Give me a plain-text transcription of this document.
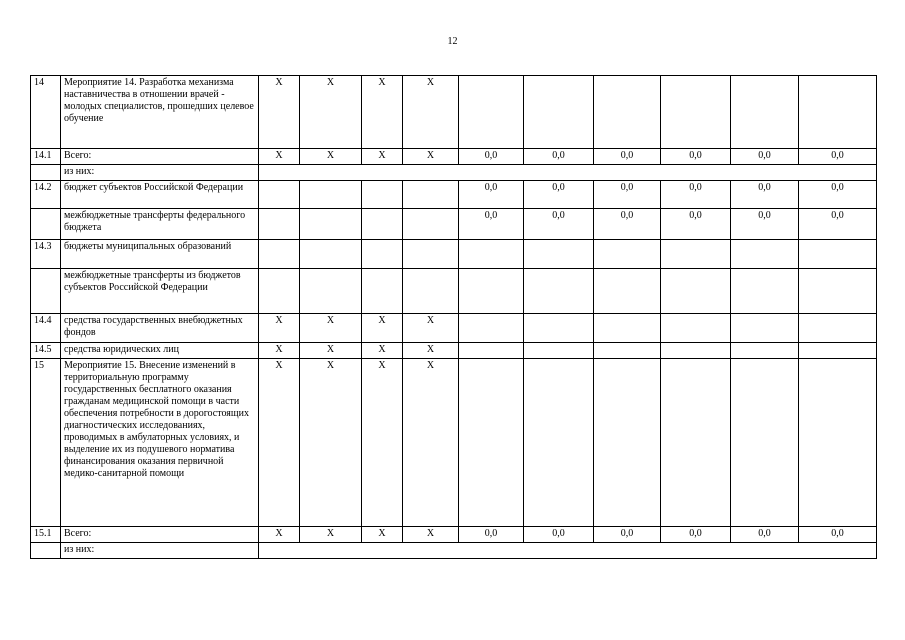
12
14	Мероприятие 14. Разработка механизма наставничества в отношении врачей - молодых специалистов, прошедших целевое обучение	X	X	X	X						
14.1	Всего:	X	X	X	X	0,0	0,0	0,0	0,0	0,0	0,0
	из них:										
14.2	бюджет субъектов Российской Федерации					0,0	0,0	0,0	0,0	0,0	0,0
	межбюджетные трансферты федерального бюджета					0,0	0,0	0,0	0,0	0,0	0,0
14.3	бюджеты муниципальных образований										
	межбюджетные трансферты из бюджетов субъектов Российской Федерации										
14.4	средства государственных внебюджетных фондов	X	X	X	X						
14.5	средства юридических лиц	X	X	X	X						
15	Мероприятие 15. Внесение изменений в территориальную программу государственных бесплатного оказания гражданам медицинской помощи в части обеспечения потребности в дорогостоящих диагностических исследованиях, проводимых в амбулаторных условиях, и выделение их из подушевого норматива финансирования оказания первичной медико-санитарной помощи	X	X	X	X						
15.1	Всего:	X	X	X	X	0,0	0,0	0,0	0,0	0,0	0,0
	из них:										
